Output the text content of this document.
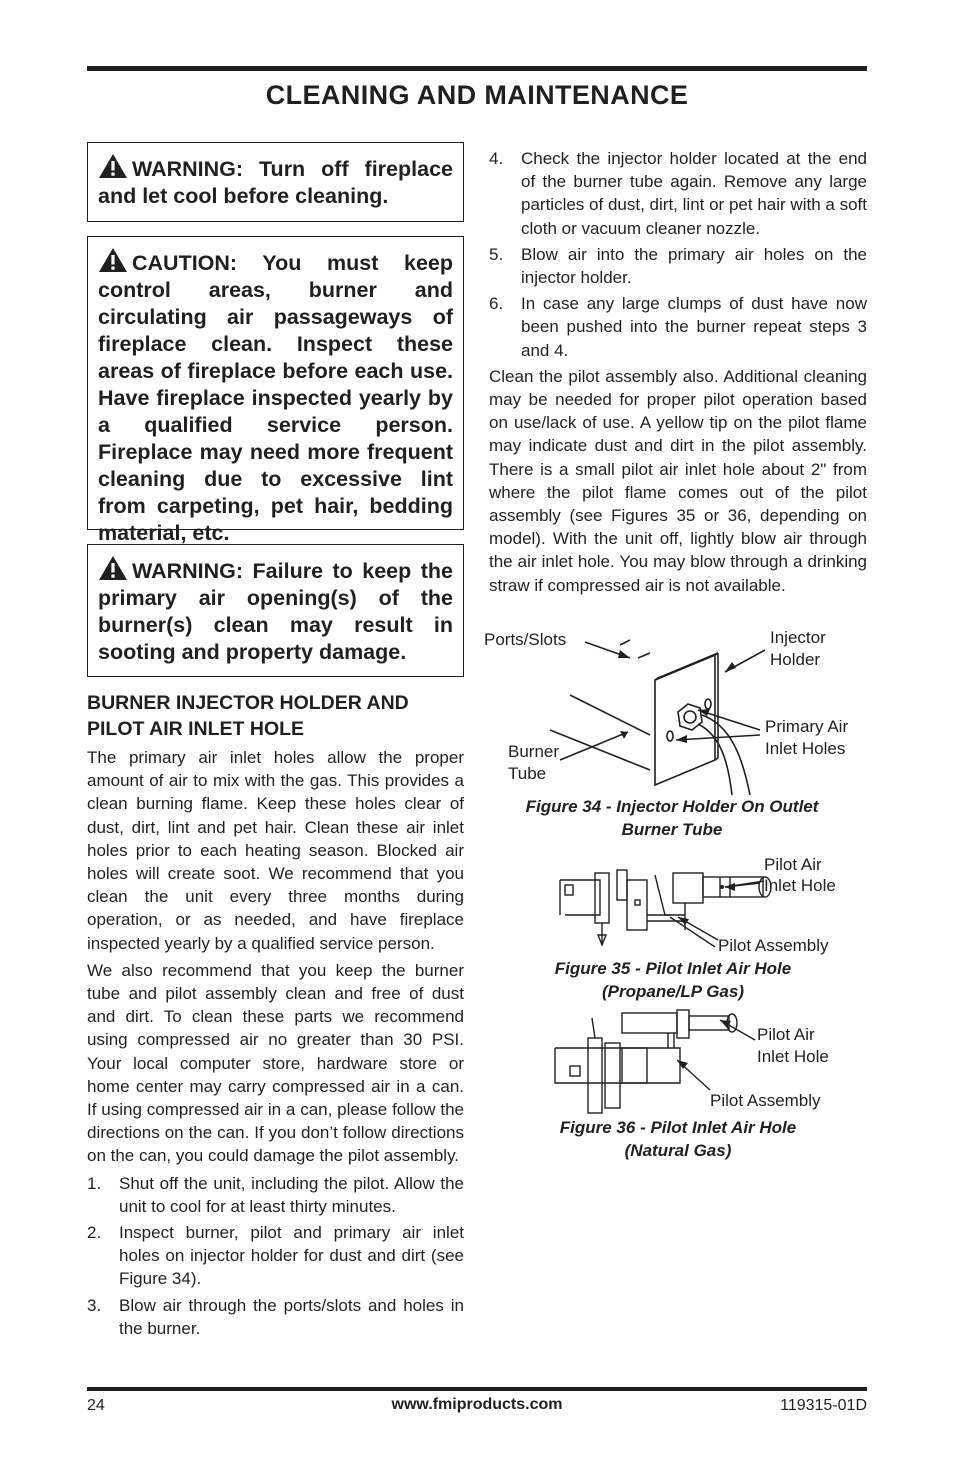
CLEANING AND MAINTENANCE
WARNING: Turn off fireplace and let cool before cleaning.
CAUTION: You must keep control areas, burner and circulating air passageways of fireplace clean. Inspect these areas of fireplace before each use. Have fireplace inspected yearly by a qualified service person. Fireplace may need more frequent cleaning due to excessive lint from carpeting, pet hair, bedding material, etc.
WARNING: Failure to keep the primary air opening(s) of the burner(s) clean may result in sooting and property damage.
BURNER INJECTOR HOLDER AND PILOT AIR INLET HOLE

The primary air inlet holes allow the proper amount of air to mix with the gas. This provides a clean burning flame. Keep these holes clear of dust, dirt, lint and pet hair. Clean these air inlet holes prior to each heating season. Blocked air holes will create soot. We recommend that you clean the unit every three months during operation, or as needed, and have fireplace inspected yearly by a qualified service person.

We also recommend that you keep the burner tube and pilot assembly clean and free of dust and dirt. To clean these parts we recommend using compressed air no greater than 30 PSI. Your local computer store, hardware store or home center may carry compressed air in a can. If using compressed air in a can, please follow the directions on the can. If you don’t follow directions on the can, you could damage the pilot assembly.

1. Shut off the unit, including the pilot. Allow the unit to cool for at least thirty minutes.
2. Inspect burner, pilot and primary air inlet holes on injector holder for dust and dirt (see Figure 34).
3. Blow air through the ports/slots and holes in the burner.
4. Check the injector holder located at the end of the burner tube again. Remove any large particles of dust, dirt, lint or pet hair with a soft cloth or vacuum cleaner nozzle.
5. Blow air into the primary air holes on the injector holder.
6. In case any large clumps of dust have now been pushed into the burner repeat steps 3 and 4.

Clean the pilot assembly also. Additional cleaning may be needed for proper pilot operation based on use/lack of use. A yellow tip on the pilot flame may indicate dust and dirt in the pilot assembly. There is a small pilot air inlet hole about 2" from where the pilot flame comes out of the pilot assembly (see Figures 35 or 36, depending on model). With the unit off, lightly blow air through the air inlet hole. You may blow through a drinking straw if compressed air is not available.

Ports/Slots	Injector
Holder
Primary Air
Inlet Holes
Burner
Tube
Figure 34 - Injector Holder On Outlet
Burner Tube
Pilot Air
Inlet Hole
Pilot Assembly
Figure 35 - Pilot Inlet Air Hole
(Propane/LP Gas)
Pilot Air
Inlet Hole
Pilot Assembly
Figure 36 - Pilot Inlet Air Hole
(Natural Gas)
24	www.fmiproducts.com	119315-01D
